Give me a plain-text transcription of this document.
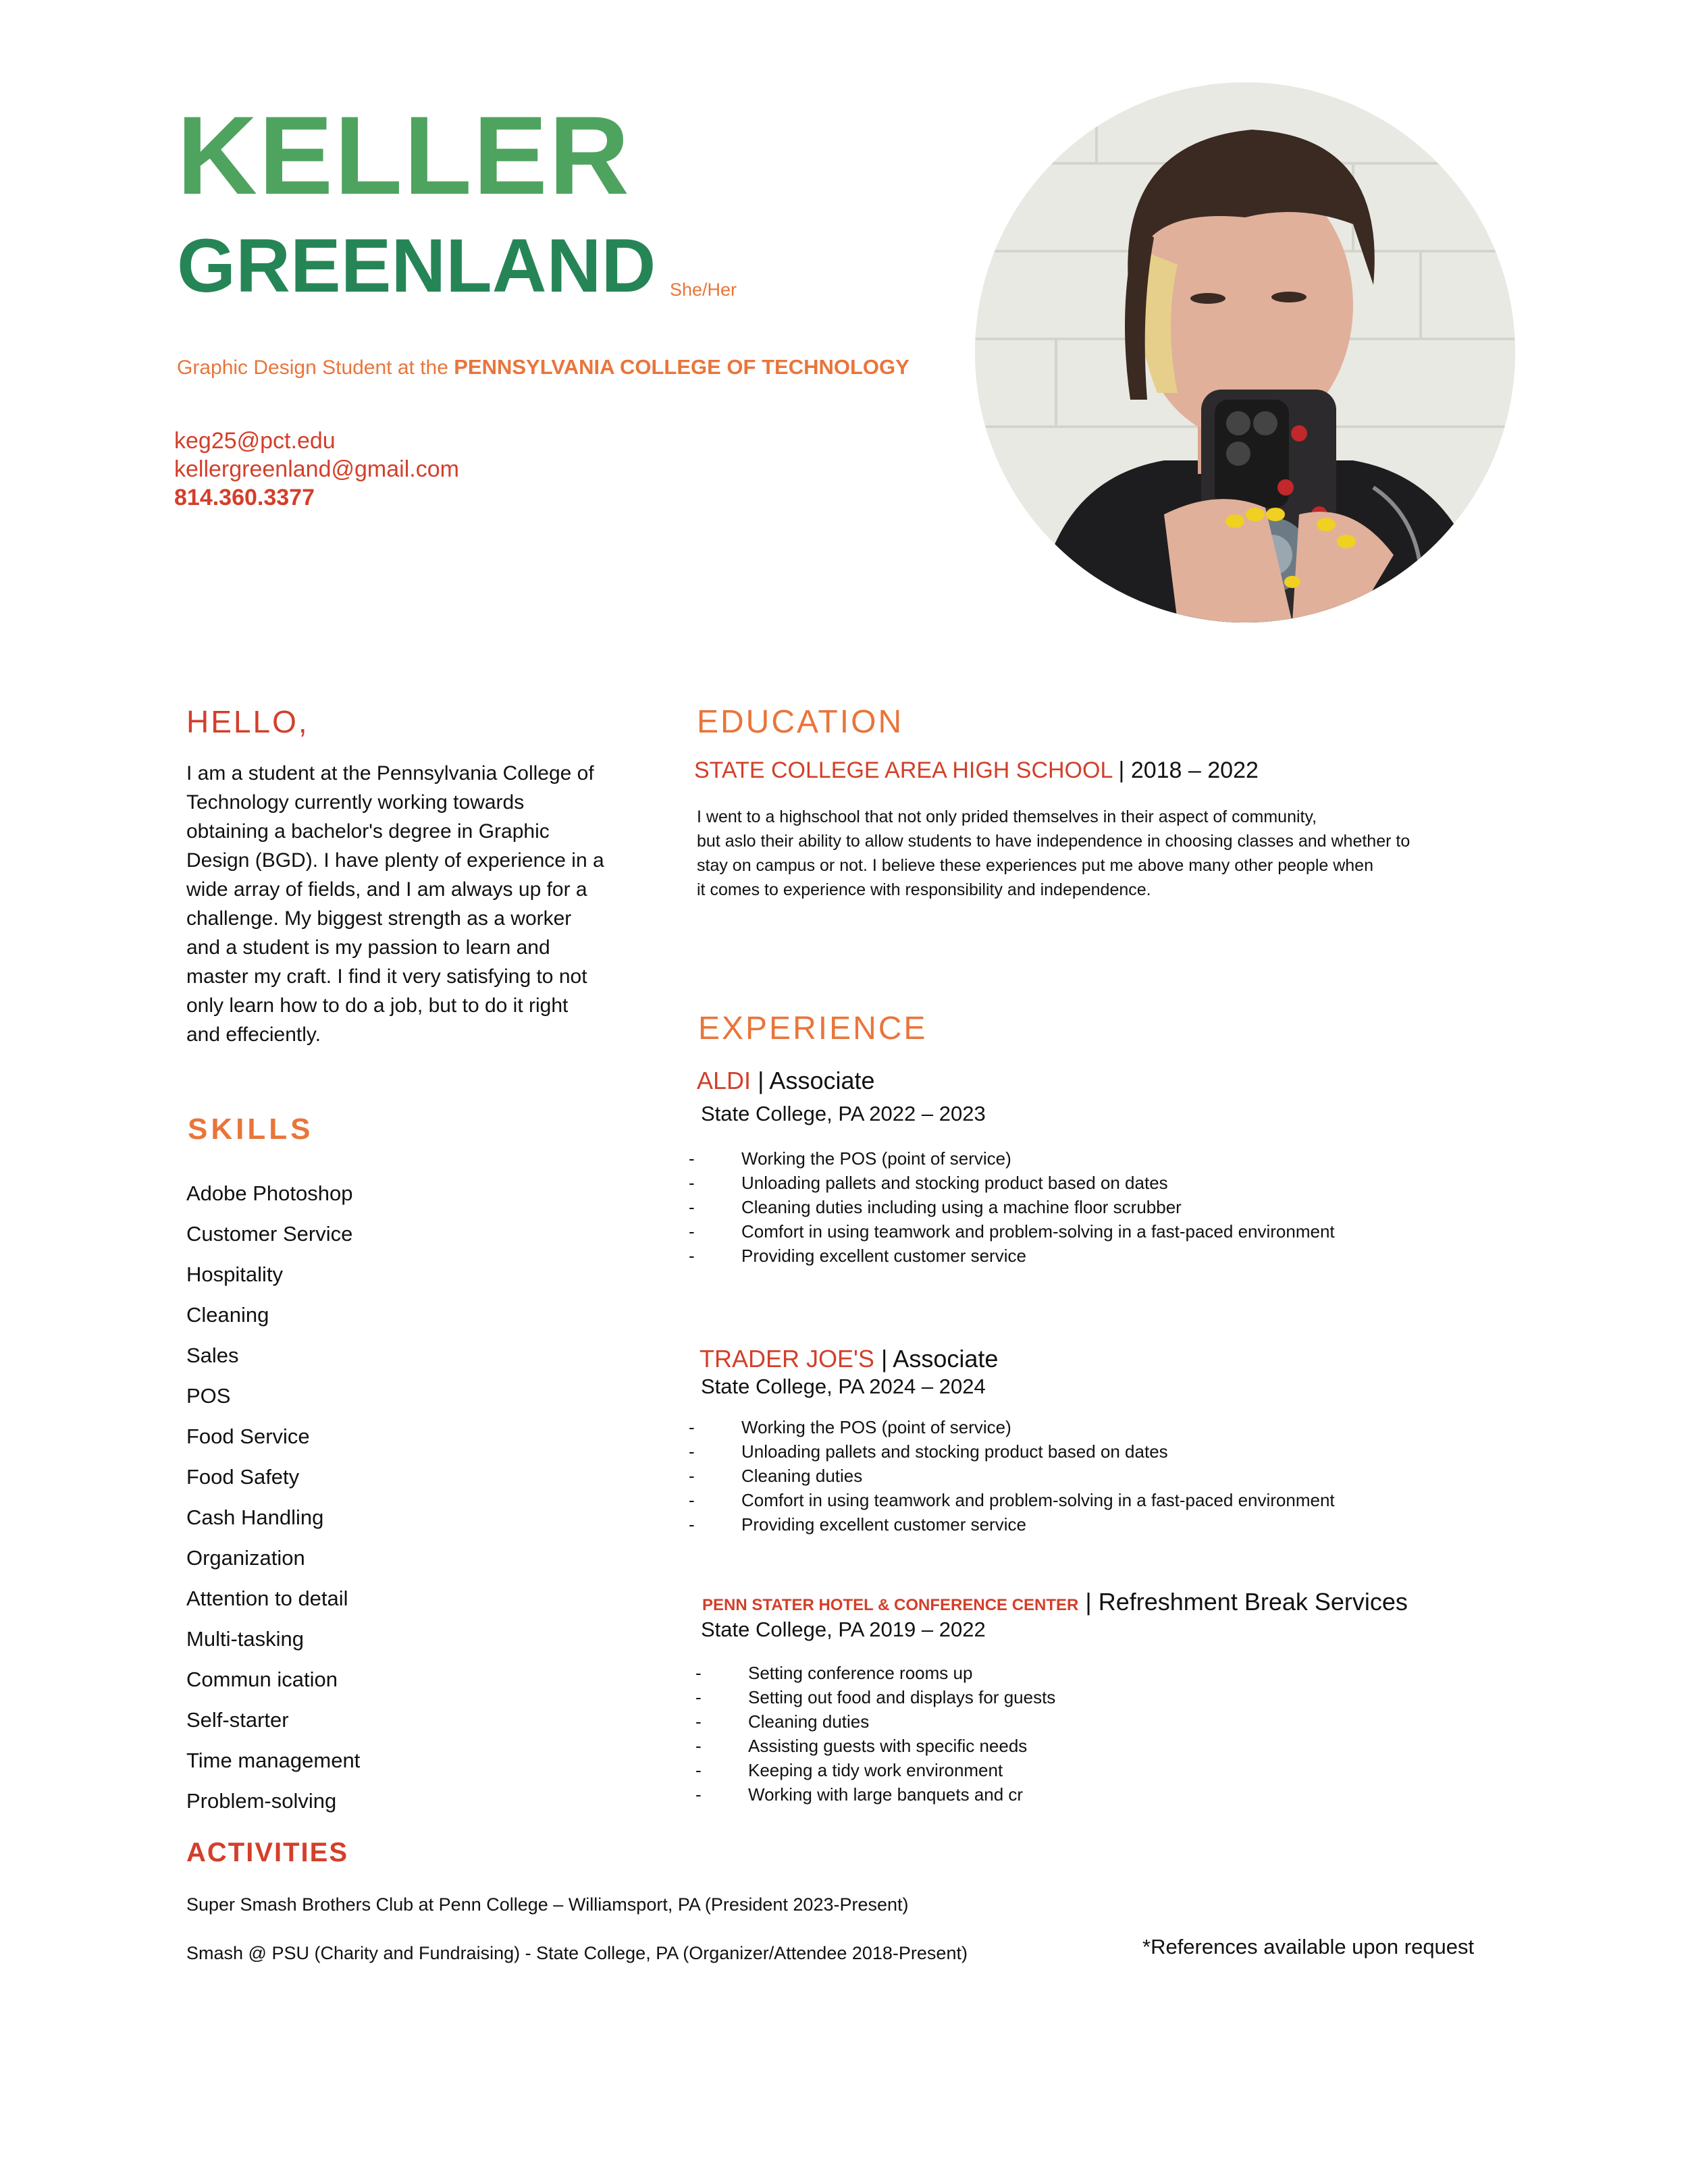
KELLER
GREENLAND She/Her
Graphic Design Student at the PENNSYLVANIA COLLEGE OF TECHNOLOGY
keg25@pct.edu
kellergreenland@gmail.com
814.360.3377
HELLO,
I am a student at the Pennsylvania College of Technology currently working towards obtaining a bachelor's degree in Graphic Design (BGD). I have plenty of experience in a wide array of fields, and I am always up for a challenge. My biggest strength as a worker and a student is my passion to learn and master my craft. I find it very satisfying to not only learn how to do a job, but to do it right and effeciently.
SKILLS
Adobe Photoshop
Customer Service
Hospitality
Cleaning
Sales
POS
Food Service
Food Safety
Cash Handling
Organization
Attention to detail
Multi-tasking
Commun ication
Self-starter
Time management
Problem-solving
ACTIVITIES
Super Smash Brothers Club at Penn College – Williamsport, PA (President 2023-Present)
Smash @ PSU (Charity and Fundraising) - State College, PA (Organizer/Attendee 2018-Present)	*References available upon request
EDUCATION
STATE COLLEGE AREA HIGH SCHOOL | 2018 – 2022
I went to a highschool that not only prided themselves in their aspect of community,
but aslo their ability to allow students to have independence in choosing classes and whether to
stay on campus or not. I believe these experiences put me above many other people when
it comes to experience with responsibility and independence.
EXPERIENCE
ALDI | Associate
State College, PA 2022 – 2023
- Working the POS (point of service)
- Unloading pallets and stocking product based on dates
- Cleaning duties including using a machine floor scrubber
- Comfort in using teamwork and problem-solving in a fast-paced environment
- Providing excellent customer service
TRADER JOE'S | Associate
State College, PA 2024 – 2024
- Working the POS (point of service)
- Unloading pallets and stocking product based on dates
- Cleaning duties
- Comfort in using teamwork and problem-solving in a fast-paced environment
- Providing excellent customer service
PENN STATER HOTEL & CONFERENCE CENTER | Refreshment Break Services
State College, PA 2019 – 2022
- Setting conference rooms up
- Setting out food and displays for guests
- Cleaning duties
- Assisting guests with specific needs
- Keeping a tidy work environment
- Working with large banquets and cr
